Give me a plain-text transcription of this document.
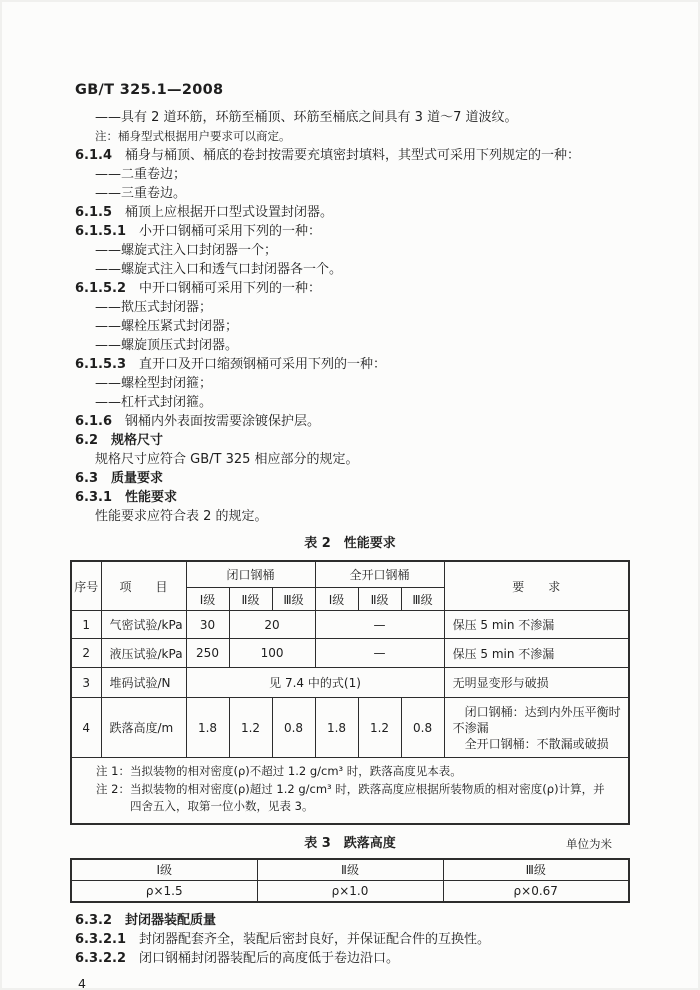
GB/T 325.1—2008
——具有 2 道环筋，环筋至桶顶、环筋至桶底之间具有 3 道～7 道波纹。
注：桶身型式根据用户要求可以商定。
6.1.4 桶身与桶顶、桶底的卷封按需要充填密封填料，其型式可采用下列规定的一种：
——二重卷边；
——三重卷边。
6.1.5 桶顶上应根据开口型式设置封闭器。
6.1.5.1 小开口钢桶可采用下列的一种：
——螺旋式注入口封闭器一个；
——螺旋式注入口和透气口封闭器各一个。
6.1.5.2 中开口钢桶可采用下列的一种：
——揿压式封闭器；
——螺栓压紧式封闭器；
——螺旋顶压式封闭器。
6.1.5.3 直开口及开口缩颈钢桶可采用下列的一种：
——螺栓型封闭箍；
——杠杆式封闭箍。
6.1.6 钢桶内外表面按需要涂镀保护层。
6.2 规格尺寸
规格尺寸应符合 GB/T 325 相应部分的规定。
6.3 质量要求
6.3.1 性能要求
性能要求应符合表 2 的规定。
表 2　性能要求
序号	项　　目	闭口钢桶			全开口钢桶			要　　求
		Ⅰ级	Ⅱ级	Ⅲ级	Ⅰ级	Ⅱ级	Ⅲ级	
1	气密试验/kPa	30	20		—			保压 5 min 不渗漏
2	液压试验/kPa	250	100		—			保压 5 min 不渗漏
3	堆码试验/N	见 7.4 中的式(1)						无明显变形与破损
4	跌落高度/m	1.8	1.2	0.8	1.8	1.2	0.8	闭口钢桶：达到内外压平衡时不渗漏
全开口钢桶：不散漏或破损

注 1：当拟装物的相对密度(ρ)不超过 1.2 g/cm³ 时，跌落高度见本表。
注 2：当拟装物的相对密度(ρ)超过 1.2 g/cm³ 时，跌落高度应根据所装物质的相对密度(ρ)计算，并四舍五入，取第一位小数，见表 3。								
表 3　跌落高度	单位为米
Ⅰ级	Ⅱ级	Ⅲ级
ρ×1.5	ρ×1.0	ρ×0.67
6.3.2 封闭器装配质量
6.3.2.1 封闭器配套齐全，装配后密封良好，并保证配合件的互换性。
6.3.2.2 闭口钢桶封闭器装配后的高度低于卷边沿口。
4
